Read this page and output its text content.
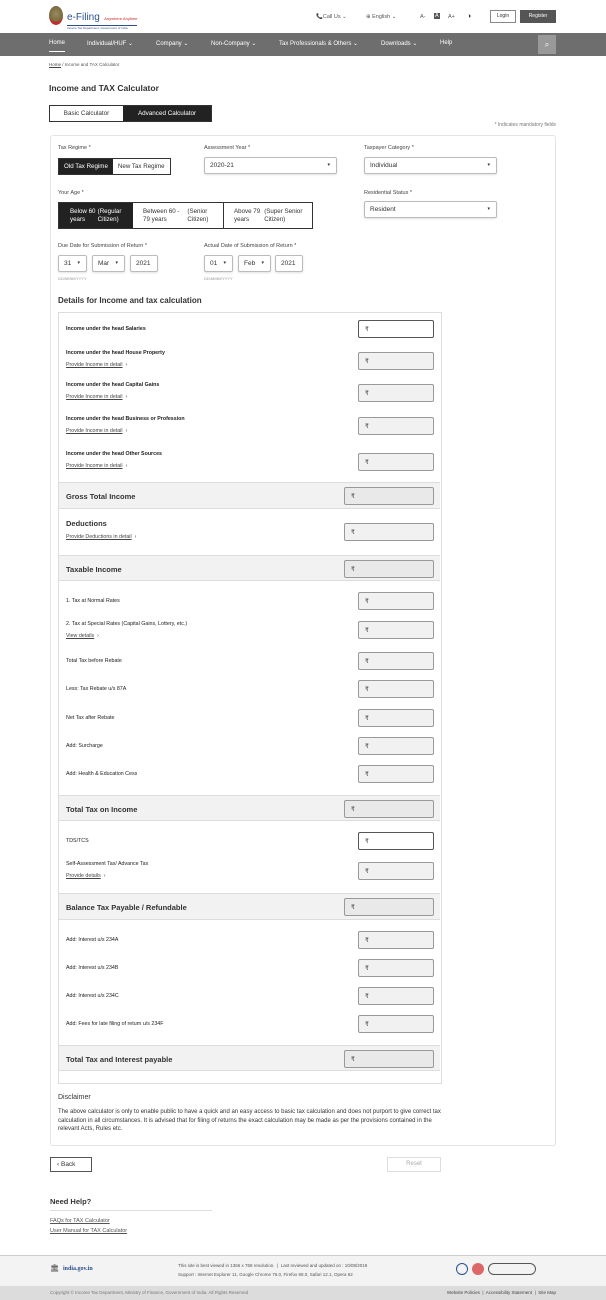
e-Filing Anywhere Anytime
Income Tax Department, Government of India
📞Call Us ⌄	⊕ English ⌄	A- A A+ ◑	Login	Register
Home	Individual/HUF ⌄	Company ⌄	Non-Company ⌄	Tax Professionals & Others ⌄	Downloads ⌄	Help	⌕
Home / Income and TAX Calculator
Income and TAX Calculator
Basic Calculator	Advanced Calculator
* Indicates mandatory fields
Tax Regime *
Old Tax Regime	New Tax Regime
Assessment Year *
2020-21	▾
Taxpayer Category *
Individual	▾
Your Age *
Below 60 years

(Regular Citizen)
Between 60 - 79 years

(Senior Citizen)
Above 79 years

(Super Senior Citizen)
Residential Status *
Resident	▾
Due Date for Submission of Return *
31 ▾	Mar ▾	2021
DD/MMM/YYYY
Actual Date of Submission of Return *
01 ▾	Feb ▾	2021
DD/MMM/YYYY
Details for Income and tax calculation
Income under the head Salaries	₹
Income under the head House Property
Provide Income in detail ›	₹
Income under the head Capital Gains
Provide Income in detail ›	₹
Income under the head Business or Profession
Provide Income in detail ›
₹
Income under the head Other Sources
Provide Income in detail ›	₹
Gross Total Income	₹
Deductions
Provide Deductions in detail ›
₹
Taxable Income	₹
1. Tax at Normal Rates	₹
2. Tax at Special Rates (Capital Gains, Lottery, etc.)
View details ›
₹
Total Tax before Rebate	₹
Less: Tax Rebate u/s 87A	₹
Net Tax after Rebate	₹
Add: Surcharge	₹
Add: Health & Education Cess	₹
Total Tax on Income	₹
TDS/TCS	₹
Self-Assessment Tax/ Advance Tax
Provide details ›
₹
Balance Tax Payable / Refundable	₹
Add: Interest u/s 234A	₹
Add: Interest u/s 234B	₹
Add: Interest u/s 234C	₹
Add: Fees for late filing of return u/s 234F	₹
Total Tax and Interest payable	₹
Disclaimer
The above calculator is only to enable public to have a quick and an easy access to basic tax calculation and does not purport to give correct tax calculation in all circumstances. It is advised that for filing of returns the exact calculation may be made as per the provisions contained in the relevant Acts, Rules etc.
‹ Back	Reset
Need Help?
FAQs for TAX Calculator
User Manual for TAX Calculator
🏛 india.gov.in
This site is best viewed in 1366 x 768 resolution.  |  Last reviewed and updated on : 10/08/2019
Support : Internet Explorer 11, Google Chrome 76.0, Firefox 68.0, Safari 12.1, Opera 62
Copyright © Income Tax Department, Ministry of Finance, Government of India. All Rights Reserved	Website Policies  |  Accessibility Statement  |  Site Map
